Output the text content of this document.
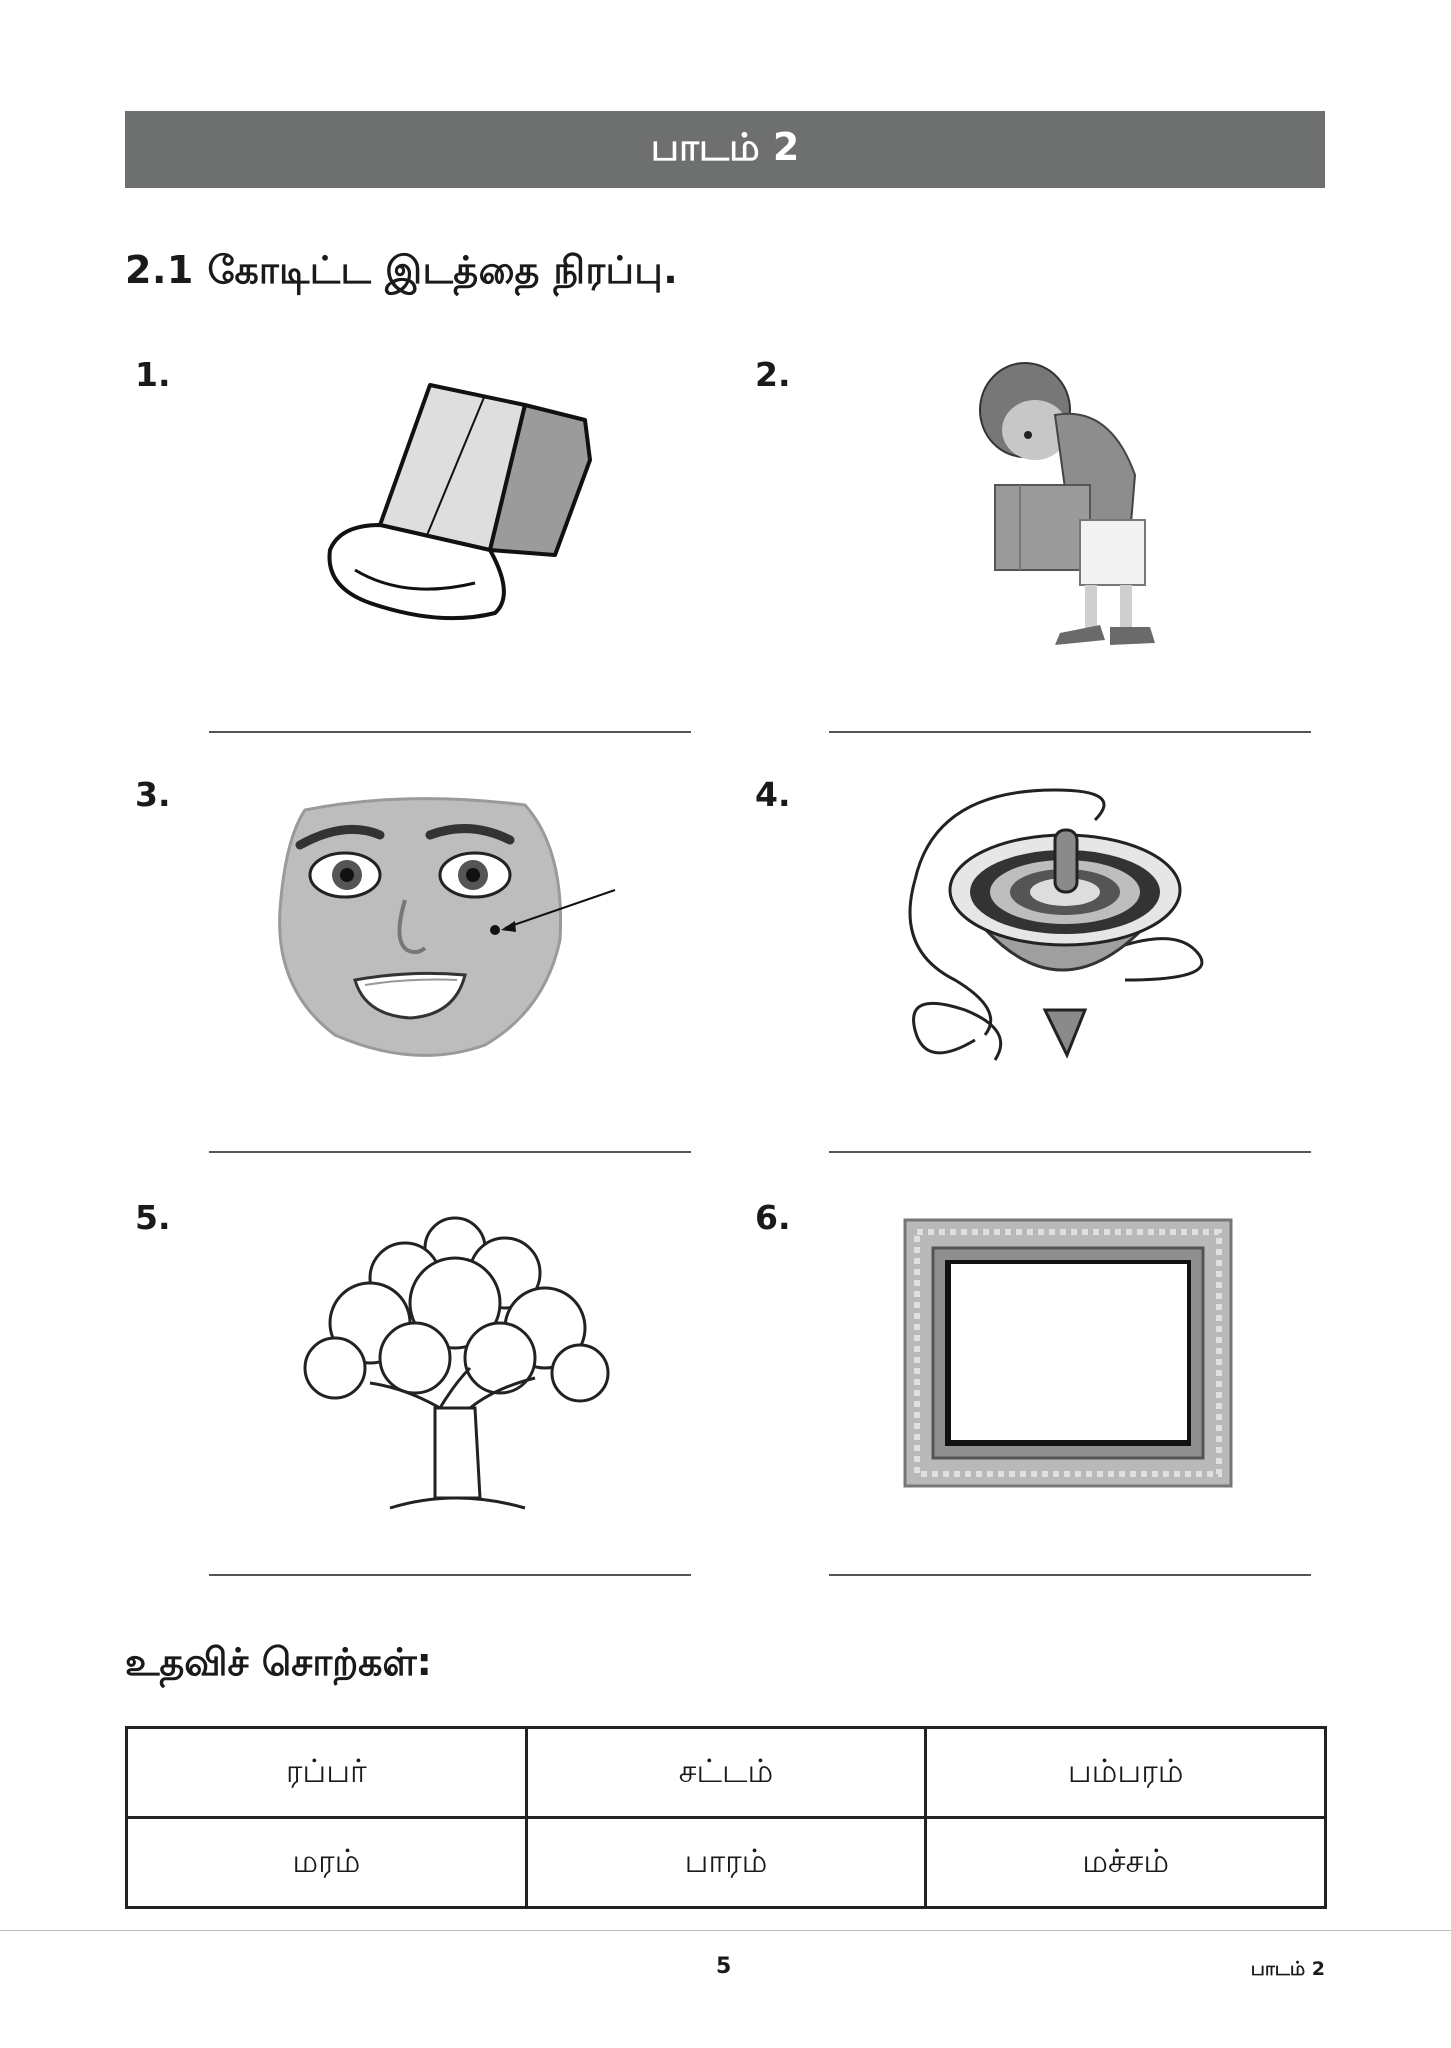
பாடம் 2
2.1 கோடிட்ட இடத்தை நிரப்பு.
1.	2.
3.	4.
5.	6.
உதவிச் சொற்கள்:
ரப்பர்	சட்டம்	பம்பரம்
மரம்	பாரம்	மச்சம்
5	பாடம் 2
